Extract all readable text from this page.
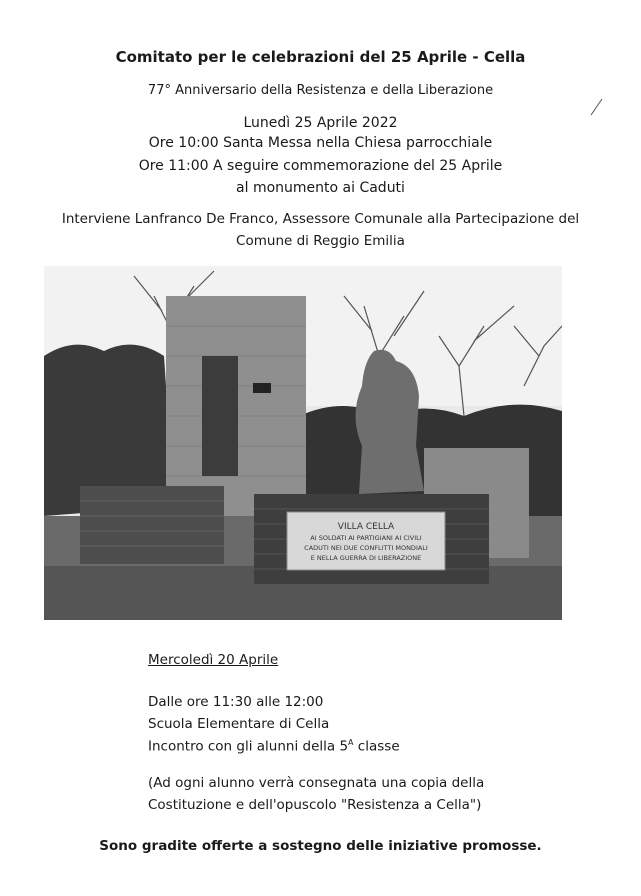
Comitato per le celebrazioni del 25 Aprile - Cella
77° Anniversario della Resistenza e della Liberazione
Lunedì 25 Aprile 2022
Ore 10:00 Santa Messa nella Chiesa parrocchiale
Ore 11:00 A seguire commemorazione del 25 Aprile
al monumento ai Caduti
Interviene Lanfranco De Franco, Assessore Comunale alla Partecipazione del
Comune di Reggio Emilia
VILLA CELLA
AI SOLDATI AI PARTIGIANI AI CIVILI
CADUTI NEI DUE CONFLITTI MONDIALI
E NELLA GUERRA DI LIBERAZIONE
Mercoledì 20 Aprile
Dalle ore 11:30 alle 12:00
Scuola Elementare di Cella
Incontro con gli alunni della $5^A$ classe
(Ad ogni alunno verrà consegnata una copia della
Costituzione e dell'opuscolo "Resistenza a Cella")
Sono gradite offerte a sostegno delle iniziative promosse.
